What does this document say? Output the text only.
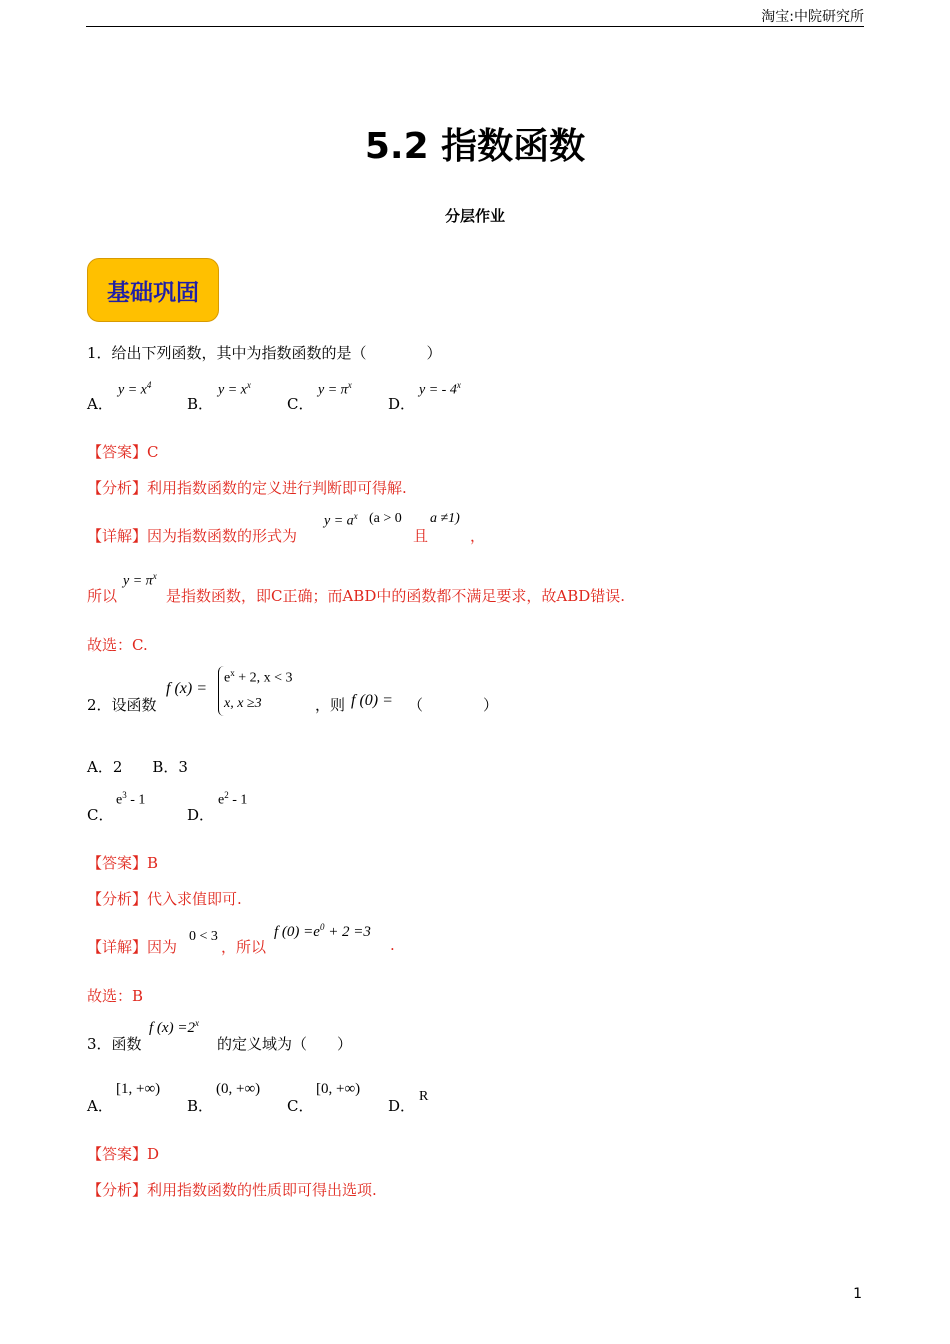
淘宝:中院研究所
5.2 指数函数
分层作业
基础巩固
1．给出下列函数，其中为指数函数的是（　　　　）
A．
$y = x^4$
B．
$y = x^x$
C．
$y = \pi^x$
D．
y = - 4$^x$
【答案】C
【分析】利用指数函数的定义进行判断即可得解.
【详解】因为指数函数的形式为
$y = a^x$ (a > 0
且
a ≠1)
，
所以
$y = \pi^x$
是指数函数，即C正确；而ABD中的函数都不满足要求，故ABD错误.
故选：C.
2．设函数
f (x) =
$e^x + 2$, x < 3
x, x ≥3	，则 f (0) = （　　　　）
A．2　　B．3
C．
$e^3 - 1$
D．
$e^2 - 1$
【答案】B
【分析】代入求值即可.
【详解】因为
0 < 3
，所以
f $(0) =e^0 + 2 =3$
.
故选：B
3．函数
f $(x) =2^x$
的定义域为（　　）
A．
[1, +∞)
B．
(0, +∞)
C．
[0, +∞)
D．
R
【答案】D
【分析】利用指数函数的性质即可得出选项.
1
